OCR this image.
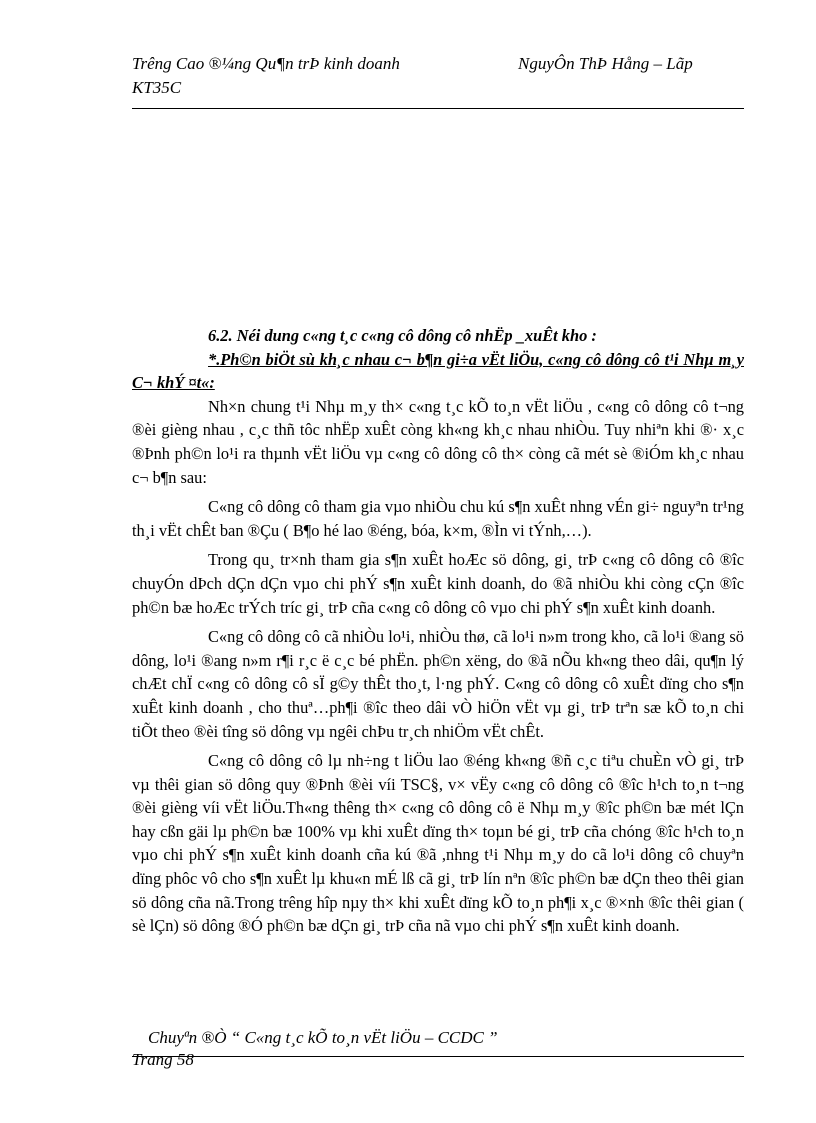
Trêng Cao ®¼ng Qu¶n trÞ kinh doanh	NguyÔn ThÞ Hång – Lãp
KT35C

6.2. Néi dung c«ng t¸c c«ng cô dông cô nhËp _xuÊt kho :

*.Ph©n biÖt sù kh¸c nhau c¬ b¶n gi÷a vËt liÖu, c«ng cô dông cô t¹i Nhµ m¸y C¬ khÝ ¤t«:

Nh×n chung t¹i Nhµ m¸y th× c«ng t¸c kÕ to¸n vËt liÖu , c«ng cô dông cô t¬ng ®èi gièng nhau , c¸c thñ tôc nhËp xuÊt còng kh«ng kh¸c nhau nhiÒu. Tuy nhiªn khi ®· x¸c ®Þnh ph©n lo¹i ra thµnh vËt liÖu vµ c«ng cô dông cô th× còng cã mét sè ®iÓm kh¸c nhau c¬ b¶n sau:

C«ng cô dông cô tham gia vµo nhiÒu chu kú s¶n xuÊt nhng vÉn gi÷ nguyªn tr¹ng th¸i vËt chÊt ban ®Çu ( B¶o hé lao ®éng, bóa, k×m, ®Ìn vi tÝnh,…).

Trong qu¸ tr×nh tham gia s¶n xuÊt hoÆc sö dông, gi¸ trÞ c«ng cô dông cô ®îc chuyÓn dÞch dÇn dÇn vµo chi phÝ s¶n xuÊt kinh doanh, do ®ã nhiÒu khi còng cÇn ®îc ph©n bæ hoÆc trÝch tríc gi¸ trÞ cña c«ng cô dông cô vµo chi phÝ s¶n xuÊt kinh doanh.

C«ng cô dông cô cã nhiÒu lo¹i, nhiÒu thø, cã lo¹i n»m trong kho, cã lo¹i ®ang sö dông, lo¹i ®ang n»m r¶i r¸c ë c¸c bé phËn. ph©n xëng, do ®ã nÕu kh«ng theo dâi, qu¶n lý chÆt chÏ c«ng cô dông cô sÏ g©y thÊt tho¸t, l·ng phÝ. C«ng cô dông cô xuÊt dïng cho s¶n xuÊt kinh doanh , cho thuª…ph¶i ®îc theo dâi vÒ hiÖn vËt vµ gi¸ trÞ trªn sæ kÕ to¸n chi tiÕt theo ®èi tîng sö dông vµ ngêi chÞu tr¸ch nhiÖm vËt chÊt.

C«ng cô dông cô lµ nh÷ng t liÖu lao ®éng kh«ng ®ñ c¸c tiªu chuÈn vÒ gi¸ trÞ vµ thêi gian sö dông quy ®Þnh ®èi víi TSC§, v× vËy c«ng cô dông cô ®îc h¹ch to¸n t¬ng ®èi gièng víi vËt liÖu.Th«ng thêng th× c«ng cô dông cô ë Nhµ m¸y ®îc ph©n bæ mét lÇn hay cßn gäi lµ ph©n bæ 100% vµ khi xuÊt dïng th× toµn bé gi¸ trÞ cña chóng ®îc h¹ch to¸n vµo chi phÝ s¶n xuÊt kinh doanh cña kú ®ã ,nhng t¹i Nhµ m¸y do cã lo¹i dông cô chuyªn dïng phôc vô cho s¶n xuÊt lµ khu«n mÉ lß cã gi¸ trÞ lín nªn ®îc ph©n bæ dÇn theo thêi gian sö dông cña nã.Trong trêng hîp nµy th× khi xuÊt dïng kÕ to¸n ph¶i x¸c ®×nh ®îc thêi gian ( sè lÇn) sö dông ®Ó ph©n bæ dÇn gi¸ trÞ cña nã vµo chi phÝ s¶n xuÊt kinh doanh.

Chuyªn ®Ò “ C«ng t¸c kÕ to¸n vËt liÖu – CCDC ”
Trang 58
